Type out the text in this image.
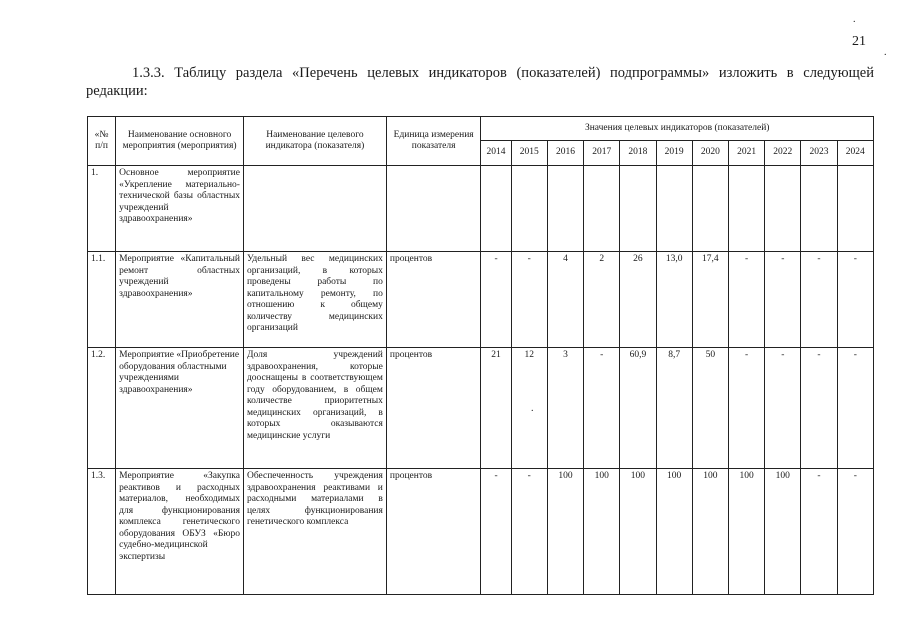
21
1.3.3. Таблицу раздела «Перечень целевых индикаторов (показателей) подпрограммы» изложить в следующей
редакции:
.
.
.
«№ п/п	Наименование основного мероприятия (мероприятия)	Наименование целевого индикатора (показателя)	Единица измерения показателя	Значения целевых индикаторов (показателей)										
				2014	2015	2016	2017	2018	2019	2020	2021	2022	2023	2024
1.	Основное мероприятие «Укрепление материально-технической базы областных учреждений здравоохранения»													
1.1.	Мероприятие «Капитальный ремонт областных учреждений здравоохранения»	Удельный вес медицинских организаций, в которых проведены работы по капитальному ремонту, по отношению к общему количеству медицинских организаций	процентов	-	-	4	2	26	13,0	17,4	-	-	-	-
1.2.	Мероприятие «Приобретение оборудования областными учреждениями здравоохранения»	Доля учреждений здравоохранения, которые дооснащены в соответствующем году оборудованием, в общем количестве приоритетных медицинских организаций, в которых оказываются медицинские услуги	процентов	21	12	3	-	60,9	8,7	50	-	-	-	-
1.3.	Мероприятие «Закупка реактивов и расходных материалов, необходимых для функционирования комплекса генетического оборудования ОБУЗ «Бюро судебно-медицинской экспертизы	Обеспеченность учреждения здравоохранения реактивами и расходными материалами в целях функционирования генетического комплекса	процентов	-	-	100	100	100	100	100	100	100	-	-
